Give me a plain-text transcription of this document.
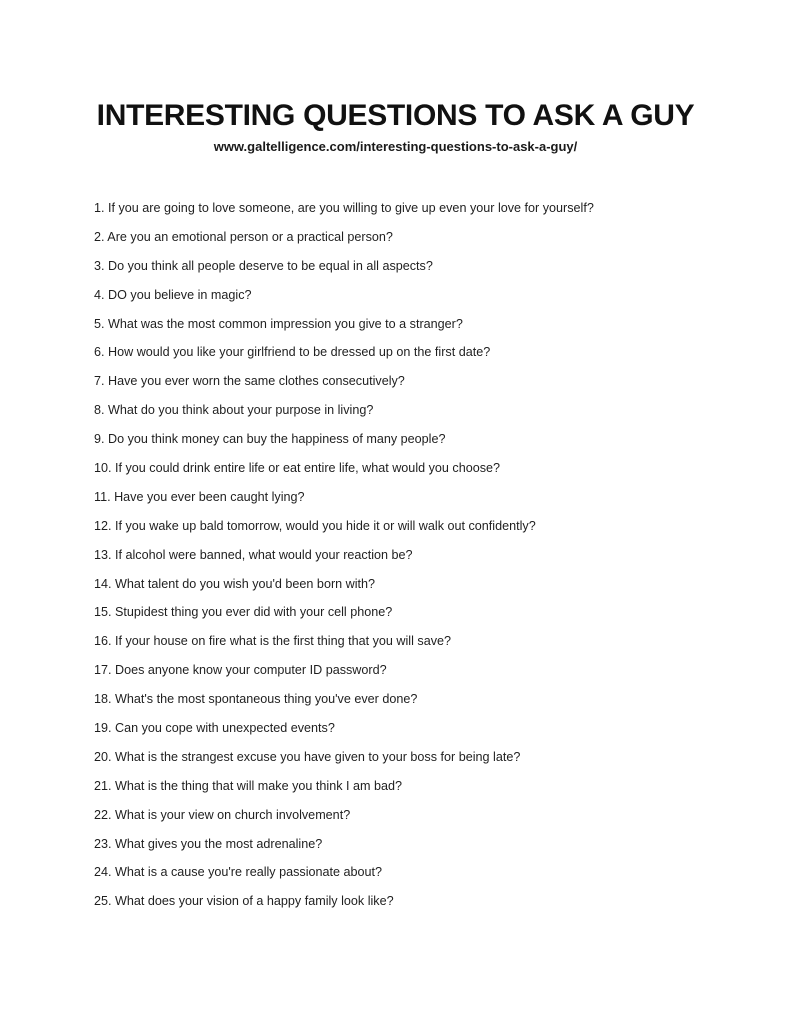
INTERESTING QUESTIONS TO ASK A GUY
www.galtelligence.com/interesting-questions-to-ask-a-guy/
1. If you are going to love someone, are you willing to give up even your love for yourself?
2. Are you an emotional person or a practical person?
3. Do you think all people deserve to be equal in all aspects?
4. DO you believe in magic?
5. What was the most common impression you give to a stranger?
6. How would you like your girlfriend to be dressed up on the first date?
7. Have you ever worn the same clothes consecutively?
8. What do you think about your purpose in living?
9. Do you think money can buy the happiness of many people?
10. If you could drink entire life or eat entire life, what would you choose?
11. Have you ever been caught lying?
12. If you wake up bald tomorrow, would you hide it or will walk out confidently?
13. If alcohol were banned, what would your reaction be?
14. What talent do you wish you'd been born with?
15. Stupidest thing you ever did with your cell phone?
16. If your house on fire what is the first thing that you will save?
17. Does anyone know your computer ID password?
18. What's the most spontaneous thing you've ever done?
19. Can you cope with unexpected events?
20. What is the strangest excuse you have given to your boss for being late?
21. What is the thing that will make you think I am bad?
22. What is your view on church involvement?
23. What gives you the most adrenaline?
24. What is a cause you're really passionate about?
25. What does your vision of a happy family look like?
